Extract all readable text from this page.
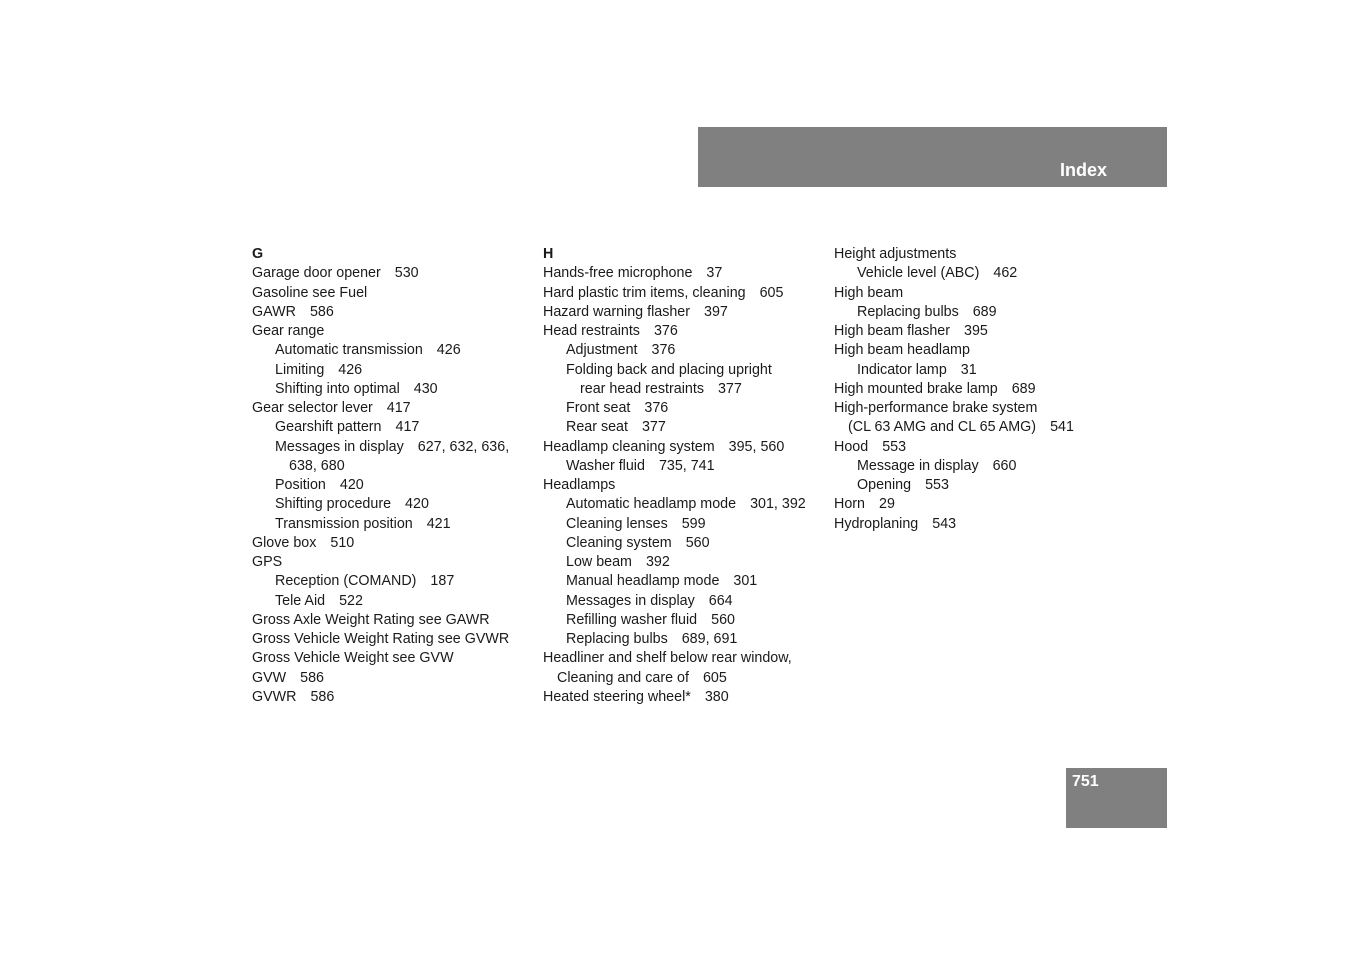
Index
G
Garage door opener 530
Gasoline see Fuel
GAWR 586
Gear range
Automatic transmission 426
Limiting 426
Shifting into optimal 430
Gear selector lever 417
Gearshift pattern 417
Messages in display 627, 632, 636,
638, 680
Position 420
Shifting procedure 420
Transmission position 421
Glove box 510
GPS
Reception (COMAND) 187
Tele Aid 522
Gross Axle Weight Rating see GAWR
Gross Vehicle Weight Rating see GVWR
Gross Vehicle Weight see GVW
GVW 586
GVWR 586
H
Hands-free microphone 37
Hard plastic trim items, cleaning 605
Hazard warning flasher 397
Head restraints 376
Adjustment 376
Folding back and placing upright
rear head restraints 377
Front seat 376
Rear seat 377
Headlamp cleaning system 395, 560
Washer fluid 735, 741
Headlamps
Automatic headlamp mode 301, 392
Cleaning lenses 599
Cleaning system 560
Low beam 392
Manual headlamp mode 301
Messages in display 664
Refilling washer fluid 560
Replacing bulbs 689, 691
Headliner and shelf below rear window,
Cleaning and care of 605
Heated steering wheel* 380
Height adjustments
Vehicle level (ABC) 462
High beam
Replacing bulbs 689
High beam flasher 395
High beam headlamp
Indicator lamp 31
High mounted brake lamp 689
High-performance brake system
(CL 63 AMG and CL 65 AMG) 541
Hood 553
Message in display 660
Opening 553
Horn 29
Hydroplaning 543
751
